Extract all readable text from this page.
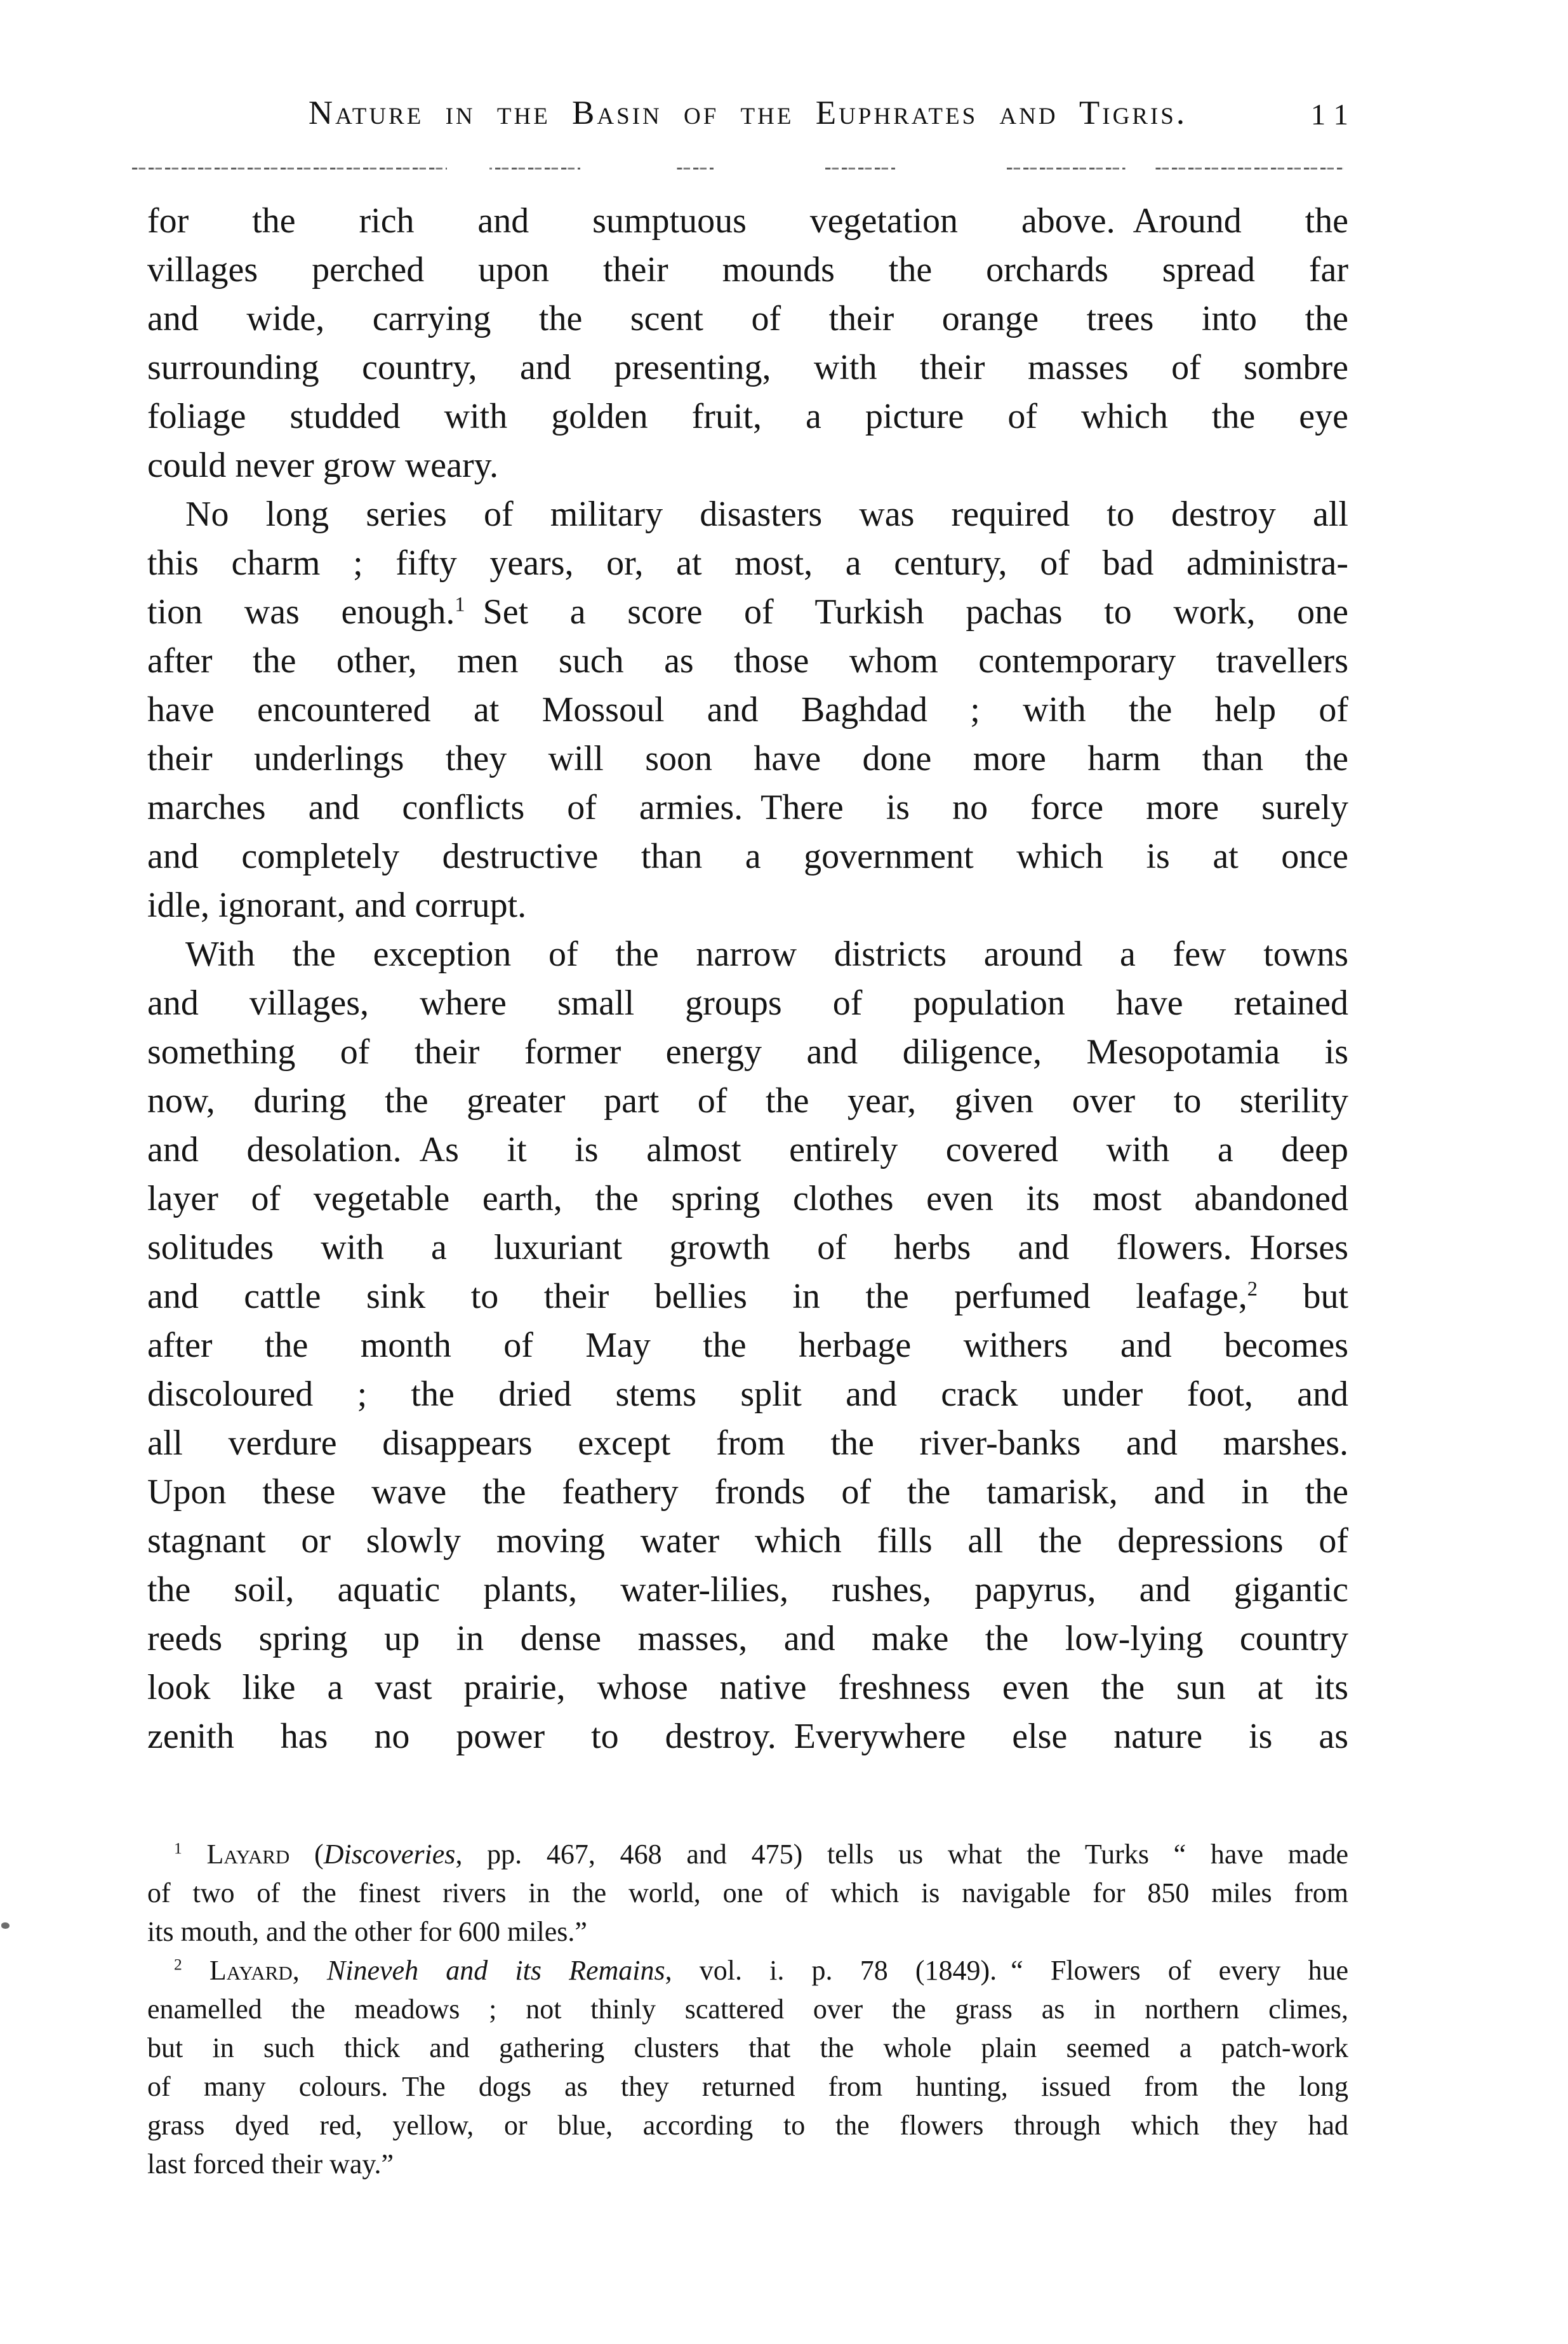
Nature in the Basin of the Euphrates and Tigris.	11
for the rich and sumptuous vegetation above. Around the
villages perched upon their mounds the orchards spread far
and wide, carrying the scent of their orange trees into the
surrounding country, and presenting, with their masses of sombre
foliage studded with golden fruit, a picture of which the eye
could never grow weary.
No long series of military disasters was required to destroy all
this charm ; fifty years, or, at most, a century, of bad administra-
tion was enough.$^1$ Set a score of Turkish pachas to work, one
after the other, men such as those whom contemporary travellers
have encountered at Mossoul and Baghdad ; with the help of
their underlings they will soon have done more harm than the
marches and conflicts of armies. There is no force more surely
and completely destructive than a government which is at once
idle, ignorant, and corrupt.
With the exception of the narrow districts around a few towns
and villages, where small groups of population have retained
something of their former energy and diligence, Mesopotamia is
now, during the greater part of the year, given over to sterility
and desolation. As it is almost entirely covered with a deep
layer of vegetable earth, the spring clothes even its most abandoned
solitudes with a luxuriant growth of herbs and flowers. Horses
and cattle sink to their bellies in the perfumed leafage,$^2$ but
after the month of May the herbage withers and becomes
discoloured ; the dried stems split and crack under foot, and
all verdure disappears except from the river-banks and marshes.
Upon these wave the feathery fronds of the tamarisk, and in the
stagnant or slowly moving water which fills all the depressions of
the soil, aquatic plants, water-lilies, rushes, papyrus, and gigantic
reeds spring up in dense masses, and make the low-lying country
look like a vast prairie, whose native freshness even the sun at its
zenith has no power to destroy. Everywhere else nature is as
$^1$ Layard (Discoveries, pp. 467, 468 and 475) tells us what the Turks “ have made
of two of the finest rivers in the world, one of which is navigable for 850 miles from
its mouth, and the other for 600 miles.”
$^2$ Layard, Nineveh and its Remains, vol. i. p. 78 (1849). “ Flowers of every hue
enamelled the meadows ; not thinly scattered over the grass as in northern climes,
but in such thick and gathering clusters that the whole plain seemed a patch-work
of many colours. The dogs as they returned from hunting, issued from the long
grass dyed red, yellow, or blue, according to the flowers through which they had
last forced their way.”
